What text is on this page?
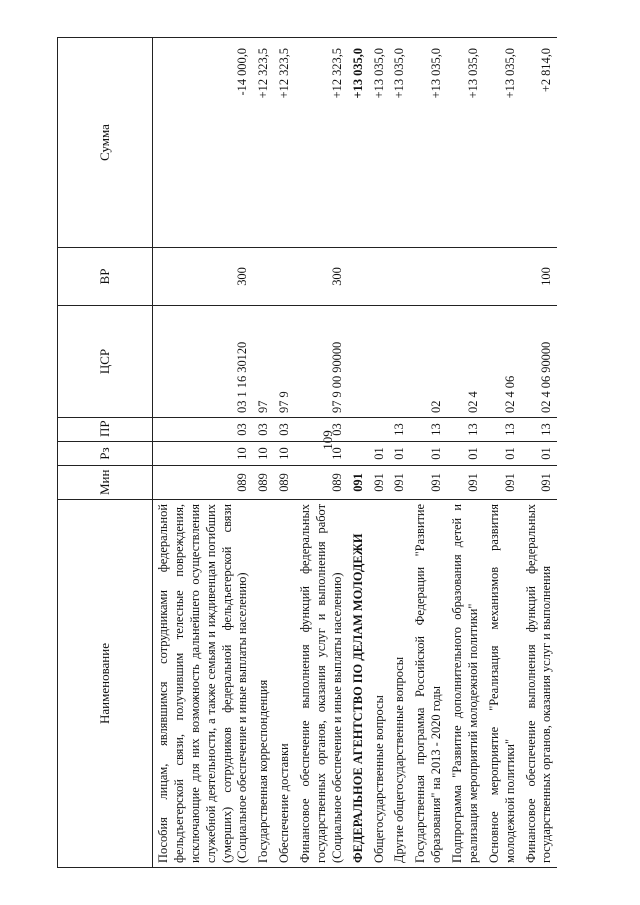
109
Наименование	Мин	Рз	ПР	ЦСР	ВР	Сумма
Пособия лицам, являвшимся сотрудниками федеральной фельдъегерской связи, получившим телесные повреждения, исключающие для них возможность дальнейшего осуществления служебной деятельности, а также семьям и иждивенцам погибших (умерших) сотрудников федеральной фельдъегерской связи (Социальное обеспечение и иные выплаты населению)	089	10	03	03 1 16 30120	300	-14 000,0
Государственная корреспонденция	089	10	03	97		+12 323,5
Обеспечение доставки	089	10	03	97 9		+12 323,5
Финансовое обеспечение выполнения функций федеральных государственных органов, оказания услуг и выполнения работ (Социальное обеспечение и иные выплаты населению)	089	10	03	97 9 00 90000	300	+12 323,5
ФЕДЕРАЛЬНОЕ АГЕНТСТВО ПО ДЕЛАМ МОЛОДЕЖИ	091					+13 035,0
Общегосударственные вопросы	091	01				+13 035,0
Другие общегосударственные вопросы	091	01	13			+13 035,0
Государственная программа Российской Федерации "Развитие образования" на 2013 - 2020 годы	091	01	13	02		+13 035,0
Подпрограмма "Развитие дополнительного образования детей и реализация мероприятий молодежной политики"	091	01	13	02 4		+13 035,0
Основное мероприятие "Реализация механизмов развития молодежной политики"	091	01	13	02 4 06		+13 035,0
Финансовое обеспечение выполнения функций федеральных государственных органов, оказания услуг и выполнения	091	01	13	02 4 06 90000	100	+2 814,0
